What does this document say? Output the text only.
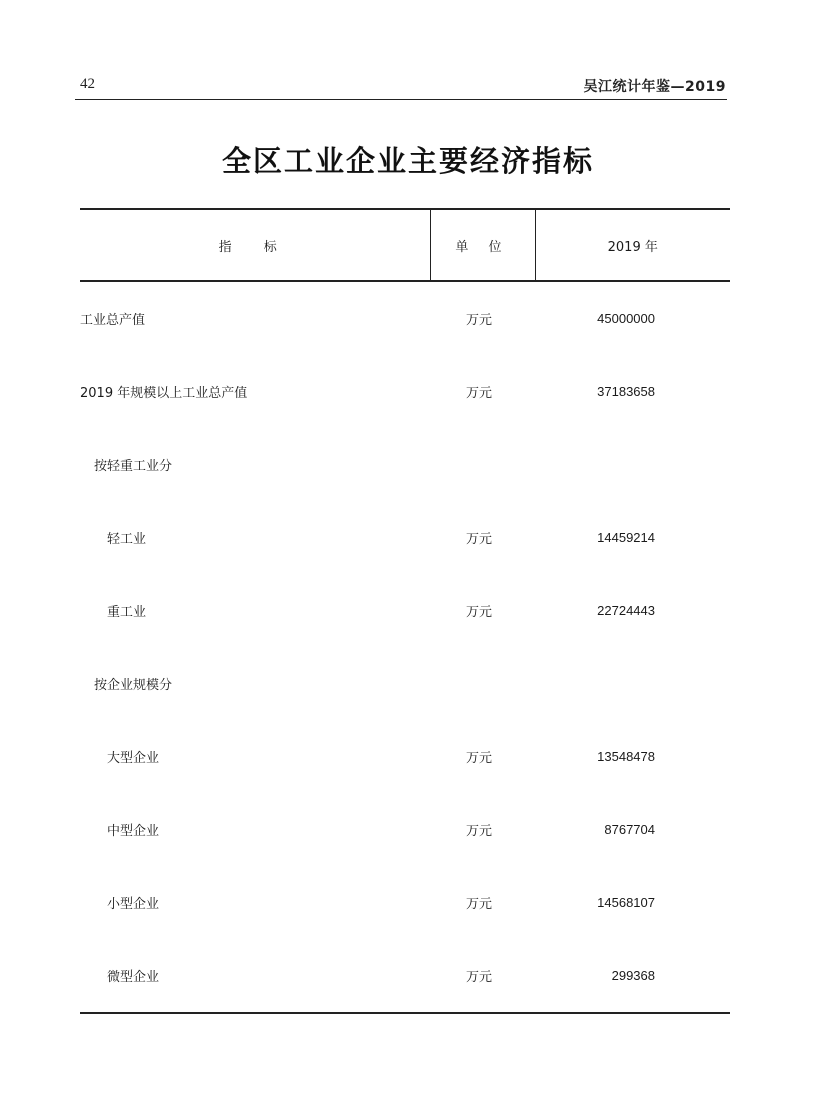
42	吴江统计年鉴—2019
全区工业企业主要经济指标
指 标	单 位	2019 年
工业总产值	万元	45000000
2019 年规模以上工业总产值	万元	37183658
按轻重工业分		
轻工业	万元	14459214
重工业	万元	22724443
按企业规模分		
大型企业	万元	13548478
中型企业	万元	8767704
小型企业	万元	14568107
微型企业	万元	299368
